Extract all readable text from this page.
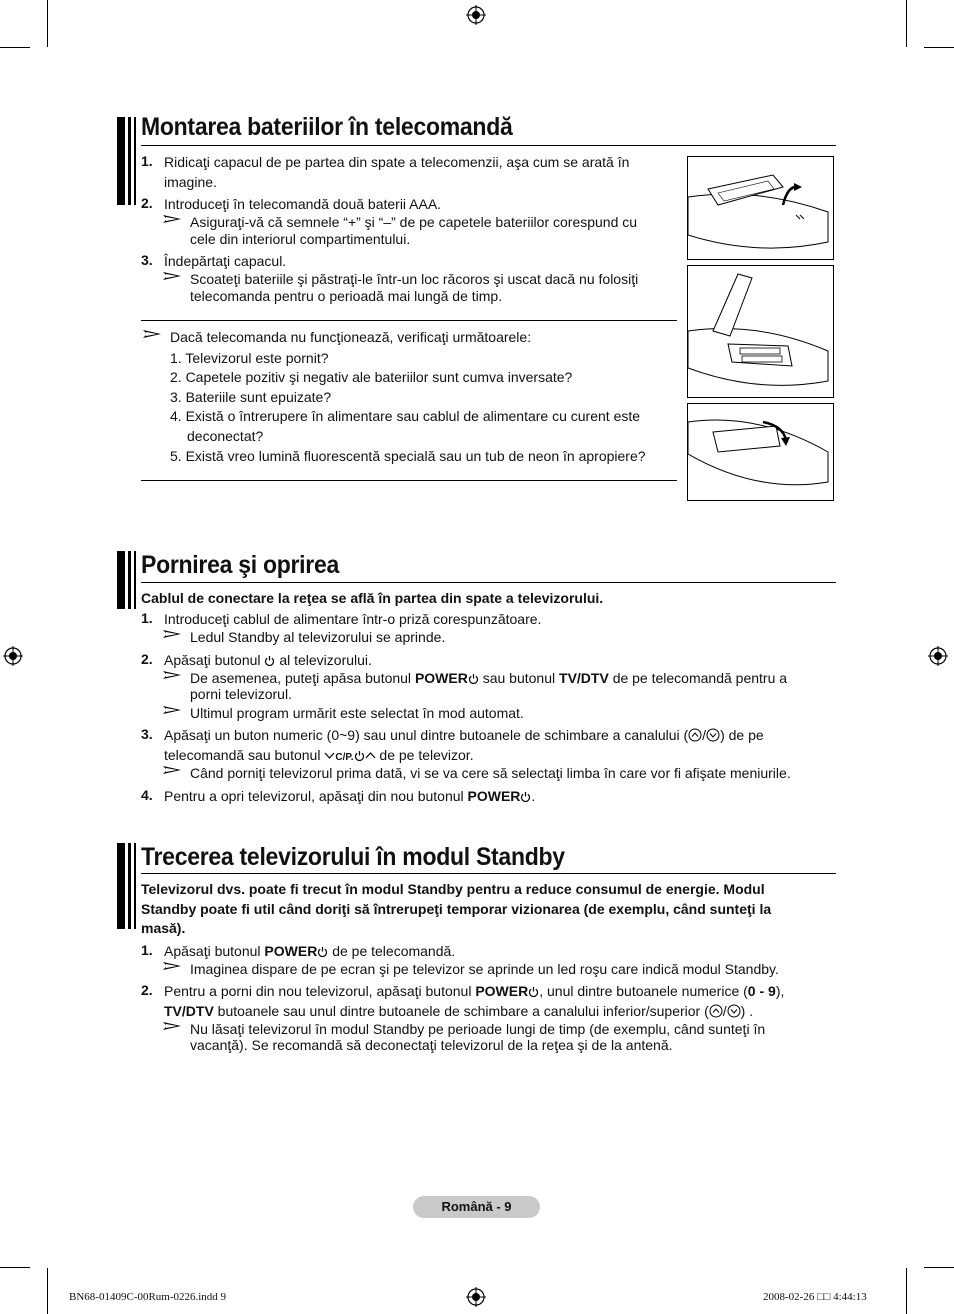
Montarea bateriilor în telecomandă
1. Ridicaţi capacul de pe partea din spate a telecomenzii, aşa cum se arată în
imagine.
2. Introduceţi în telecomandă două baterii AAA.
Asiguraţi-vă că semnele “+” şi “–” de pe capetele bateriilor corespund cu
cele din interiorul compartimentului.
3. Îndepărtaţi capacul.
Scoateţi bateriile şi păstraţi-le într-un loc răcoros şi uscat dacă nu folosiţi
telecomanda pentru o perioadă mai lungă de timp.
Dacă telecomanda nu funcţionează, verificaţi următoarele:
1. Televizorul este pornit?
2. Capetele pozitiv şi negativ ale bateriilor sunt cumva inversate?
3. Bateriile sunt epuizate?
4. Există o întrerupere în alimentare sau cablul de alimentare cu curent este
deconectat?
5. Există vreo lumină fluorescentă specială sau un tub de neon în apropiere?
Pornirea şi oprirea
Cablul de conectare la reţea se află în partea din spate a televizorului.
1. Introduceţi cablul de alimentare într-o priză corespunzătoare.
Ledul Standby al televizorului se aprinde.
2. Apăsaţi butonul al televizorului.
De asemenea, puteţi apăsa butonul POWER sau butonul TV/DTV de pe telecomandă pentru a
porni televizorul.
Ultimul program urmărit este selectat în mod automat.
3. Apăsaţi un buton numeric (0~9) sau unul dintre butoanele de schimbare a canalului ( / ) de pe
telecomandă sau butonul C/P. de pe televizor.
Când porniţi televizorul prima dată, vi se va cere să selectaţi limba în care vor fi afişate meniurile.
4. Pentru a opri televizorul, apăsaţi din nou butonul POWER .
Trecerea televizorului în modul Standby
Televizorul dvs. poate fi trecut în modul Standby pentru a reduce consumul de energie. Modul
Standby poate fi util când doriţi să întrerupeţi temporar vizionarea (de exemplu, când sunteţi la
masă).
1. Apăsaţi butonul POWER de pe telecomandă.
Imaginea dispare de pe ecran şi pe televizor se aprinde un led roşu care indică modul Standby.
2. Pentru a porni din nou televizorul, apăsaţi butonul POWER , unul dintre butoanele numerice (0 - 9),
TV/DTV butoanele sau unul dintre butoanele de schimbare a canalului inferior/superior ( / ) .
Nu lăsaţi televizorul în modul Standby pe perioade lungi de timp (de exemplu, când sunteţi în
vacanţă). Se recomandă să deconectaţi televizorul de la reţea şi de la antenă.
Română - 9
BN68-01409C-00Rum-0226.indd 9	2008-02-26 □□ 4:44:13
